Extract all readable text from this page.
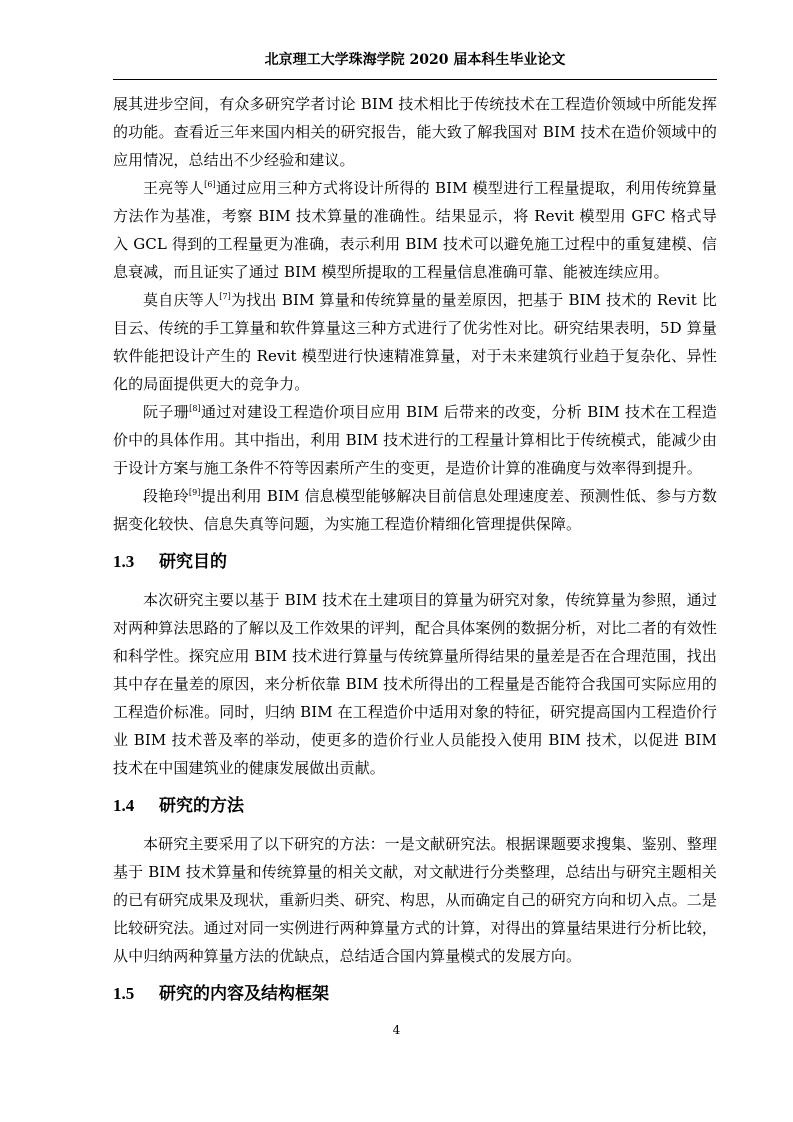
北京理工大学珠海学院 2020 届本科生毕业论文

展其进步空间，有众多研究学者讨论 BIM 技术相比于传统技术在工程造价领域中所能发挥的功能。查看近三年来国内相关的研究报告，能大致了解我国对 BIM 技术在造价领域中的应用情况，总结出不少经验和建议。

王亮等人[6]通过应用三种方式将设计所得的 BIM 模型进行工程量提取，利用传统算量方法作为基准，考察 BIM 技术算量的准确性。结果显示，将 Revit 模型用 GFC 格式导入 GCL 得到的工程量更为准确，表示利用 BIM 技术可以避免施工过程中的重复建模、信息衰减，而且证实了通过 BIM 模型所提取的工程量信息准确可靠、能被连续应用。

莫自庆等人[7]为找出 BIM 算量和传统算量的量差原因，把基于 BIM 技术的 Revit 比目云、传统的手工算量和软件算量这三种方式进行了优劣性对比。研究结果表明，5D 算量软件能把设计产生的 Revit 模型进行快速精准算量，对于未来建筑行业趋于复杂化、异性化的局面提供更大的竞争力。

阮子珊[8]通过对建设工程造价项目应用 BIM 后带来的改变，分析 BIM 技术在工程造价中的具体作用。其中指出，利用 BIM 技术进行的工程量计算相比于传统模式，能减少由于设计方案与施工条件不符等因素所产生的变更，是造价计算的准确度与效率得到提升。

段艳玲[9]提出利用 BIM 信息模型能够解决目前信息处理速度差、预测性低、参与方数据变化较快、信息失真等问题，为实施工程造价精细化管理提供保障。

1.3 研究目的

本次研究主要以基于 BIM 技术在土建项目的算量为研究对象，传统算量为参照，通过对两种算法思路的了解以及工作效果的评判，配合具体案例的数据分析，对比二者的有效性和科学性。探究应用 BIM 技术进行算量与传统算量所得结果的量差是否在合理范围，找出其中存在量差的原因，来分析依靠 BIM 技术所得出的工程量是否能符合我国可实际应用的工程造价标准。同时，归纳 BIM 在工程造价中适用对象的特征，研究提高国内工程造价行业 BIM 技术普及率的举动，使更多的造价行业人员能投入使用 BIM 技术，以促进 BIM 技术在中国建筑业的健康发展做出贡献。

1.4 研究的方法

本研究主要采用了以下研究的方法：一是文献研究法。根据课题要求搜集、鉴别、整理基于 BIM 技术算量和传统算量的相关文献，对文献进行分类整理，总结出与研究主题相关的已有研究成果及现状，重新归类、研究、构思，从而确定自己的研究方向和切入点。二是比较研究法。通过对同一实例进行两种算量方式的计算，对得出的算量结果进行分析比较，从中归纳两种算量方法的优缺点，总结适合国内算量模式的发展方向。

1.5 研究的内容及结构框架
4
